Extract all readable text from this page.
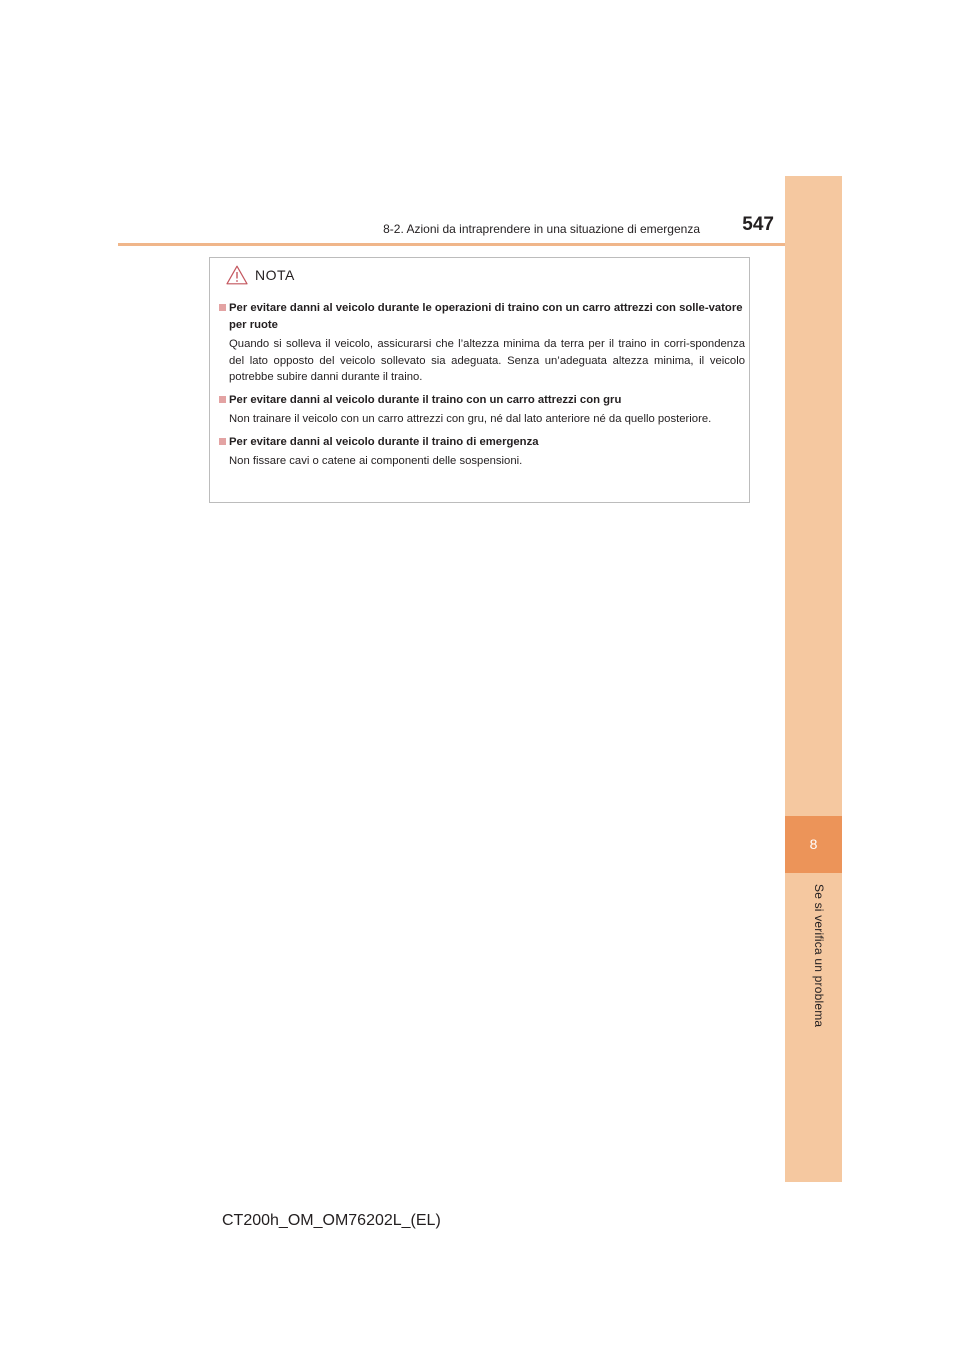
8-2. Azioni da intraprendere in una situazione di emergenza	547
8
Se si verifica un problema
NOTA
Per evitare danni al veicolo durante le operazioni di traino con un carro attrezzi con solle-vatore per ruote
Quando si solleva il veicolo, assicurarsi che l’altezza minima da terra per il traino in corri-spondenza del lato opposto del veicolo sollevato sia adeguata. Senza un’adeguata altezza minima, il veicolo potrebbe subire danni durante il traino.
Per evitare danni al veicolo durante il traino con un carro attrezzi con gru
Non trainare il veicolo con un carro attrezzi con gru, né dal lato anteriore né da quello posteriore.
Per evitare danni al veicolo durante il traino di emergenza
Non fissare cavi o catene ai componenti delle sospensioni.
CT200h_OM_OM76202L_(EL)
